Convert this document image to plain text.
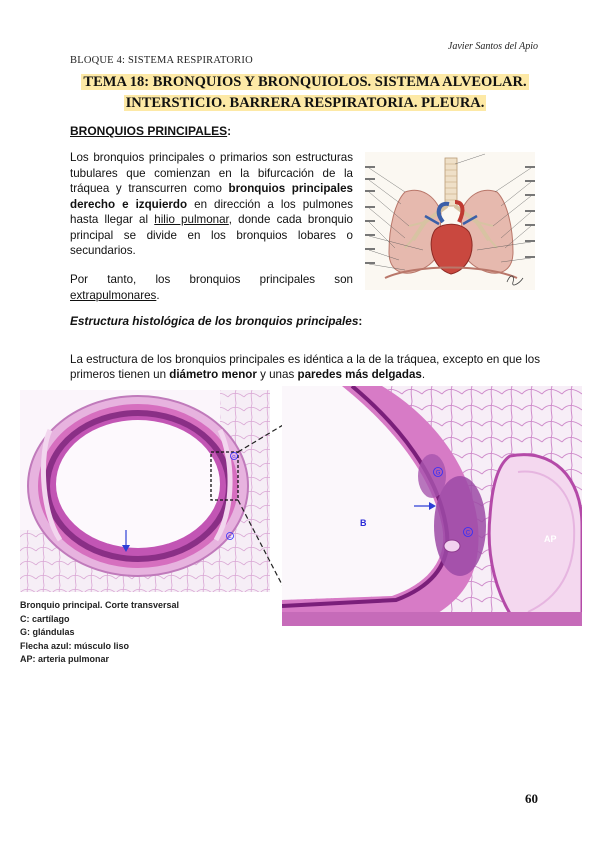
Javier Santos del Apio
BLOQUE 4: SISTEMA RESPIRATORIO
TEMA 18: BRONQUIOS Y BRONQUIOLOS. SISTEMA ALVEOLAR.
INTERSTICIO. BARRERA RESPIRATORIA. PLEURA.
BRONQUIOS PRINCIPALES:

Los bronquios principales o primarios son estructuras tubulares que comienzan en la bifurcación de la tráquea y transcurren como bronquios principales derecho e izquierdo en dirección a los pulmones hasta llegar al hilio pulmonar, donde cada bronquio principal se divide en los bronquios lobares o secundarios.

Por tanto, los bronquios principales son extrapulmonares.

Estructura histológica de los bronquios principales:

La estructura de los bronquios principales es idéntica a la de la tráquea, excepto en que los primeros tienen un diámetro menor y unas paredes más delgadas.

G
C
B
AP
G
C
Bronquio principal. Corte transversal
C: cartílago
G: glándulas
Flecha azul: músculo liso
AP: arteria pulmonar
60
